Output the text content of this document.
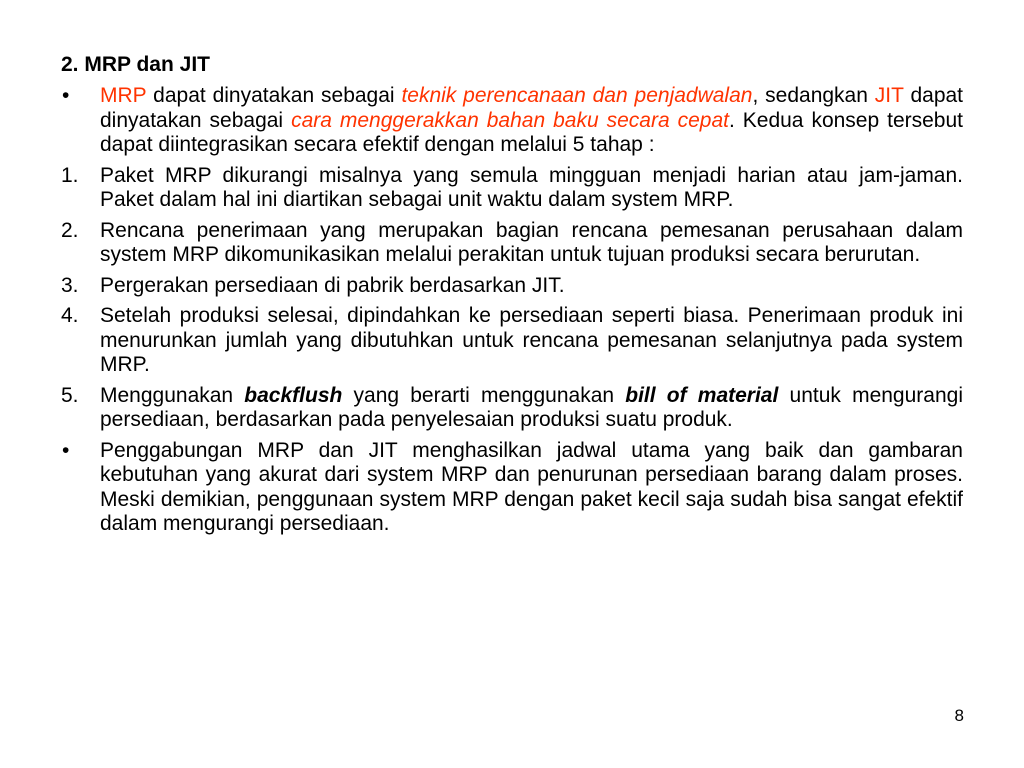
2. MRP dan JIT
• MRP dapat dinyatakan sebagai teknik perencanaan dan penjadwalan, sedangkan JIT dapat dinyatakan sebagai cara menggerakkan bahan baku secara cepat. Kedua konsep tersebut dapat diintegrasikan secara efektif dengan melalui 5 tahap :
1. Paket MRP dikurangi misalnya yang semula mingguan menjadi harian atau jam-jaman. Paket dalam hal ini diartikan sebagai unit waktu dalam system MRP.
2. Rencana penerimaan yang merupakan bagian rencana pemesanan perusahaan dalam system MRP dikomunikasikan melalui perakitan untuk tujuan produksi secara berurutan.
3. Pergerakan persediaan di pabrik berdasarkan JIT.
4. Setelah produksi selesai, dipindahkan ke persediaan seperti biasa. Penerimaan produk ini menurunkan jumlah yang dibutuhkan untuk rencana pemesanan selanjutnya pada system MRP.
5. Menggunakan backflush yang berarti menggunakan bill of material untuk mengurangi persediaan, berdasarkan pada penyelesaian produksi suatu produk.
• Penggabungan MRP dan JIT menghasilkan jadwal utama yang baik dan gambaran kebutuhan yang akurat dari system MRP dan penurunan persediaan barang dalam proses. Meski demikian, penggunaan system MRP dengan paket kecil saja sudah bisa sangat efektif dalam mengurangi persediaan.
8
